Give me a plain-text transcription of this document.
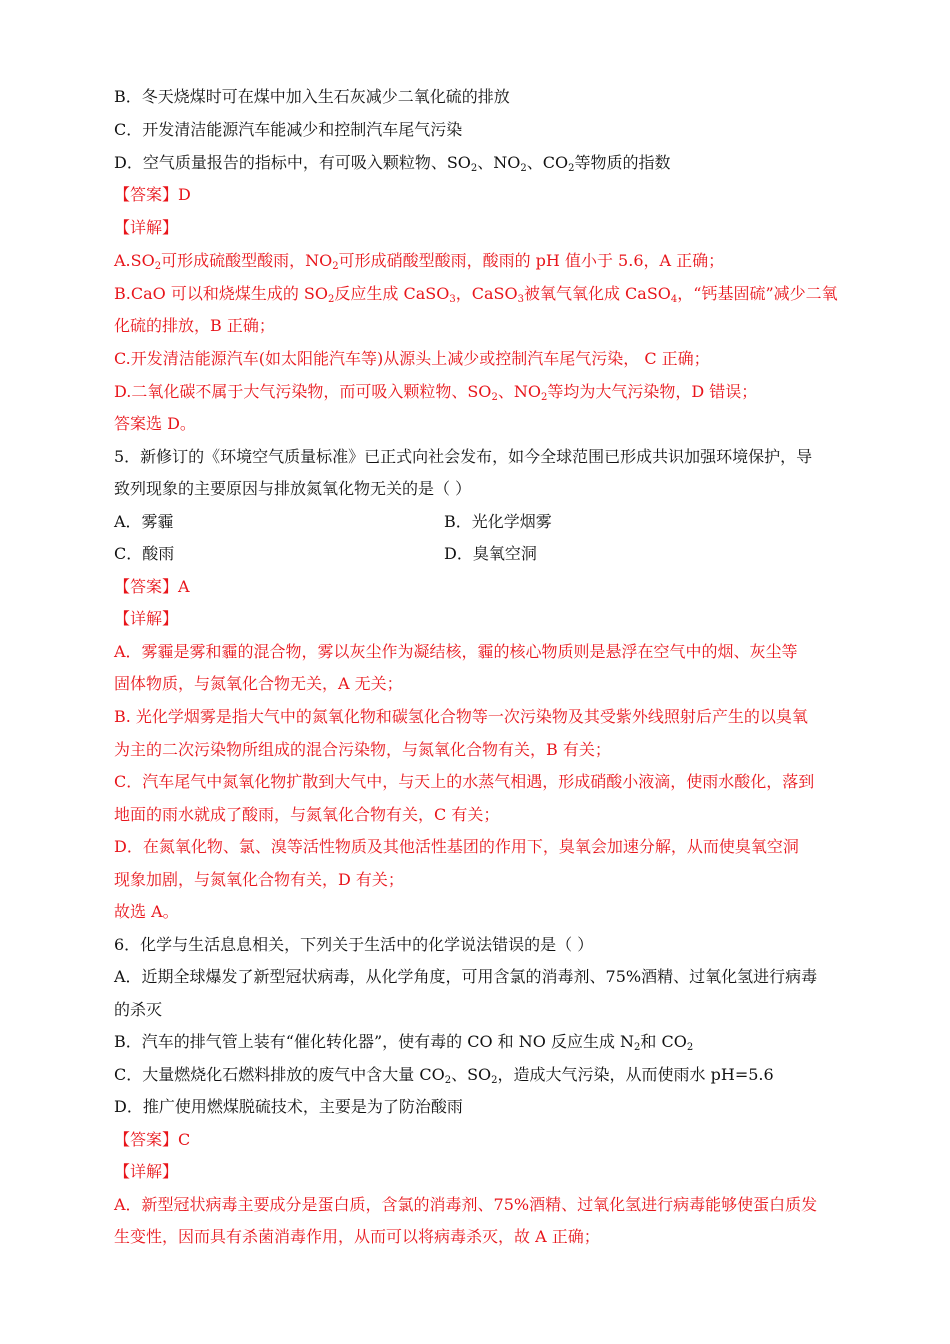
B．冬天烧煤时可在煤中加入生石灰减少二氧化硫的排放
C．开发清洁能源汽车能减少和控制汽车尾气污染
D．空气质量报告的指标中，有可吸入颗粒物、$SO_2$、$NO_2$、$CO_2$等物质的指数
【答案】D
【详解】
$A.SO_2$可形成硫酸型酸雨，$NO_2$可形成硝酸型酸雨，酸雨的 pH 值小于 5.6，A 正确；
B.CaO 可以和烧煤生成的 $SO_2$反应生成 CaSO$_3$，CaSO$_3$被氧气氧化成 CaSO$_4$，“钙基固硫”减少二氧
化硫的排放，B 正确；
C.开发清洁能源汽车(如太阳能汽车等)从源头上减少或控制汽车尾气污染， C 正确；
D.二氧化碳不属于大气污染物，而可吸入颗粒物、$SO_2$、$NO_2$等均为大气污染物，D 错误；
答案选 D。
5．新修订的《环境空气质量标准》已正式向社会发布，如今全球范围已形成共识加强环境保护，导
致列现象的主要原因与排放氮氧化物无关的是（ ）
A．雾霾	B．光化学烟雾
C．酸雨	D．臭氧空洞
【答案】A
【详解】
A．雾霾是雾和霾的混合物，雾以灰尘作为凝结核，霾的核心物质则是悬浮在空气中的烟、灰尘等
固体物质，与氮氧化合物无关，A 无关；
B. 光化学烟雾是指大气中的氮氧化物和碳氢化合物等一次污染物及其受紫外线照射后产生的以臭氧
为主的二次污染物所组成的混合污染物，与氮氧化合物有关，B 有关；
C．汽车尾气中氮氧化物扩散到大气中，与天上的水蒸气相遇，形成硝酸小液滴，使雨水酸化，落到
地面的雨水就成了酸雨，与氮氧化合物有关，C 有关；
D．在氮氧化物、氯、溴等活性物质及其他活性基团的作用下，臭氧会加速分解，从而使臭氧空洞
现象加剧，与氮氧化合物有关，D 有关；
故选 A。
6．化学与生活息息相关，下列关于生活中的化学说法错误的是（ ）
A．近期全球爆发了新型冠状病毒，从化学角度，可用含氯的消毒剂、75%酒精、过氧化氢进行病毒
的杀灭
B．汽车的排气管上装有“催化转化器”，使有毒的 CO 和 NO 反应生成 $N_2$和 $CO_2$
C．大量燃烧化石燃料排放的废气中含大量 $CO_2$、$SO_2$，造成大气污染，从而使雨水 pH=5.6
D．推广使用燃煤脱硫技术，主要是为了防治酸雨
【答案】C
【详解】
A．新型冠状病毒主要成分是蛋白质，含氯的消毒剂、75%酒精、过氧化氢进行病毒能够使蛋白质发
生变性，因而具有杀菌消毒作用，从而可以将病毒杀灭，故 A 正确；
